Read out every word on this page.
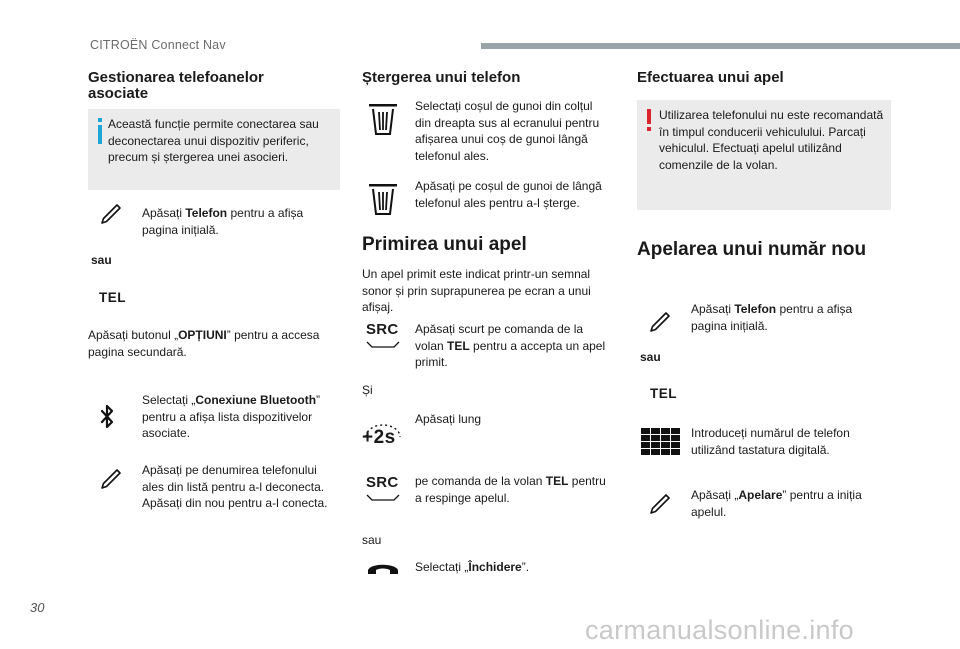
CITROËN Connect Nav
Gestionarea telefoanelor asociate
Această funcție permite conectarea sau deconectarea unui dispozitiv periferic, precum și ștergerea unei asocieri.
Apăsați Telefon pentru a afișa pagina inițială.
sau
TEL
Apăsați butonul „OPȚIUNI” pentru a accesa pagina secundară.
Selectați „Conexiune Bluetooth” pentru a afișa lista dispozitivelor asociate.
Apăsați pe denumirea telefonului ales din listă pentru a-l deconecta. Apăsați din nou pentru a-l conecta.
Ștergerea unui telefon
Selectați coșul de gunoi din colțul din dreapta sus al ecranului pentru afișarea unui coș de gunoi lângă telefonul ales.
Apăsați pe coșul de gunoi de lângă telefonul ales pentru a-l șterge.
Primirea unui apel
Un apel primit este indicat printr-un semnal sonor și prin suprapunerea pe ecran a unui afișaj.
SRC Apăsați scurt pe comanda de la volan TEL pentru a accepta un apel primit.
Și
+2s
Apăsați lung
SRC pe comanda de la volan TEL pentru a respinge apelul.
sau
Selectați „Închidere”.
Efectuarea unui apel
Utilizarea telefonului nu este recomandată în timpul conducerii vehiculului. Parcați vehiculul. Efectuați apelul utilizând comenzile de la volan.
Apelarea unui număr nou
Apăsați Telefon pentru a afișa pagina inițială.
sau
TEL
Introduceți numărul de telefon utilizând tastatura digitală.
Apăsați „Apelare” pentru a iniția apelul.
30
carmanualsonline.info
